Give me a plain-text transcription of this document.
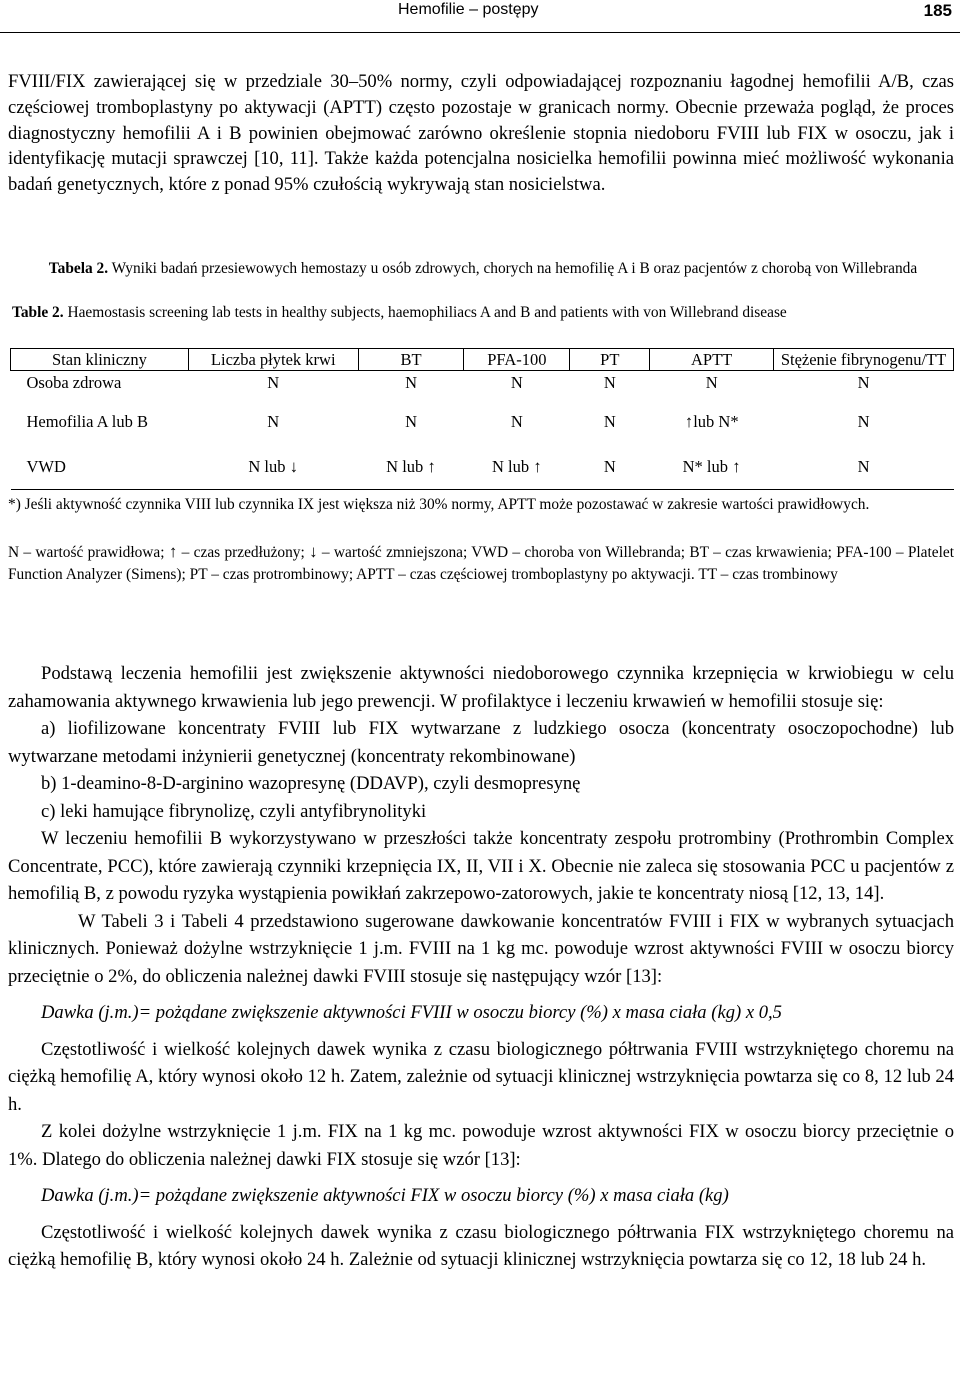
Hemofilie – postępy	185

FVIII/FIX zawierającej się w przedziale 30–50% normy, czyli odpowiadającej rozpoznaniu łagodnej hemofilii A/B, czas częściowej tromboplastyny po aktywacji (APTT) często pozostaje w granicach normy. Obecnie przeważa pogląd, że proces diagnostyczny hemofilii A i B powinien obejmować zarówno określenie stopnia niedoboru FVIII lub FIX w osoczu, jak i identyfikację mutacji sprawczej [10, 11]. Także każda potencjalna nosicielka hemofilii powinna mieć możliwość wykonania badań genetycznych, które z ponad 95% czułością wykrywają stan nosicielstwa.

Tabela 2. Wyniki badań przesiewowych hemostazy u osób zdrowych, chorych na hemofilię A i B oraz pacjentów z chorobą von Willebranda

Table 2. Haemostasis screening lab tests in healthy subjects, haemophiliacs A and B and patients with von Willebrand disease

Stan kliniczny	Liczba płytek krwi	BT	PFA-100	PT	APTT	Stężenie fibrynogenu/TT
Osoba zdrowa	N	N	N	N	N	N
Hemofilia A lub B	N	N	N	N	↑lub N*	N
VWD	N lub ↓	N lub ↑	N lub ↑	N	N* lub ↑	N

*) Jeśli aktywność czynnika VIII lub czynnika IX jest większa niż 30% normy, APTT może pozostawać w zakresie wartości prawidłowych.

N – wartość prawidłowa; ↑ – czas przedłużony; ↓ – wartość zmniejszona; VWD – choroba von Willebranda; BT – czas krwawienia; PFA-100 – Platelet Function Analyzer (Simens); PT – czas protrombinowy; APTT – czas częściowej tromboplastyny po aktywacji. TT – czas trombinowy

Podstawą leczenia hemofilii jest zwiększenie aktywności niedoborowego czynnika krzepnięcia w krwiobiegu w celu zahamowania aktywnego krwawienia lub jego prewencji. W profilaktyce i leczeniu krwawień w hemofilii stosuje się:

a) liofilizowane koncentraty FVIII lub FIX wytwarzane z ludzkiego osocza (koncentraty osoczopochodne) lub wytwarzane metodami inżynierii genetycznej (koncentraty rekombinowane)

b) 1-deamino-8-D-arginino wazopresynę (DDAVP), czyli desmopresynę

c) leki hamujące fibrynolizę, czyli antyfibrynolityki

W leczeniu hemofilii B wykorzystywano w przeszłości także koncentraty zespołu protrombiny (Prothrombin Complex Concentrate, PCC), które zawierają czynniki krzepnięcia IX, II, VII i X. Obecnie nie zaleca się stosowania PCC u pacjentów z hemofilią B, z powodu ryzyka wystąpienia powikłań zakrzepowo-zatorowych, jakie te koncentraty niosą [12, 13, 14].

W Tabeli 3 i Tabeli 4 przedstawiono sugerowane dawkowanie koncentratów FVIII i FIX w wybranych sytuacjach klinicznych. Ponieważ dożylne wstrzyknięcie 1 j.m. FVIII na 1 kg mc. powoduje wzrost aktywności FVIII w osoczu biorcy przeciętnie o 2%, do obliczenia należnej dawki FVIII stosuje się następujący wzór [13]:

Dawka (j.m.)= pożądane zwiększenie aktywności FVIII w osoczu biorcy (%) x masa ciała (kg) x 0,5

Częstotliwość i wielkość kolejnych dawek wynika z czasu biologicznego półtrwania FVIII wstrzykniętego choremu na ciężką hemofilię A, który wynosi około 12 h. Zatem, zależnie od sytuacji klinicznej wstrzyknięcia powtarza się co 8, 12 lub 24 h.

Z kolei dożylne wstrzyknięcie 1 j.m. FIX na 1 kg mc. powoduje wzrost aktywności FIX w osoczu biorcy przeciętnie o 1%. Dlatego do obliczenia należnej dawki FIX stosuje się wzór [13]:

Dawka (j.m.)= pożądane zwiększenie aktywności FIX w osoczu biorcy (%) x masa ciała (kg)

Częstotliwość i wielkość kolejnych dawek wynika z czasu biologicznego półtrwania FIX wstrzykniętego choremu na ciężką hemofilię B, który wynosi około 24 h. Zależnie od sytuacji klinicznej wstrzyknięcia powtarza się co 12, 18 lub 24 h.
